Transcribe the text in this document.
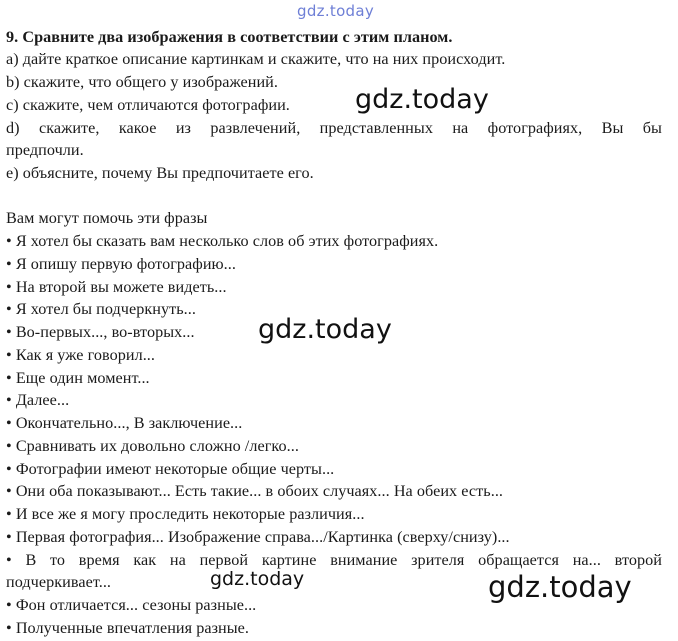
gdz.today
9. Сравните два изображения в соответствии с этим планом.
а) дайте краткое описание картинкам и скажите, что на них происходит.
b) скажите, что общего у изображений.
с) скажите, чем отличаются фотографии.
d) скажите, какое из развлечений, представленных на фотографиях, Вы бы
предпочли.
е) объясните, почему Вы предпочитаете его.
Вам могут помочь эти фразы
• Я хотел бы сказать вам несколько слов об этих фотографиях.
• Я опишу первую фотографию...
• На второй вы можете видеть...
• Я хотел бы подчеркнуть...
• Во-первых..., во-вторых...
• Как я уже говорил...
• Еще один момент...
• Далее...
• Окончательно..., В заключение...
• Сравнивать их довольно сложно /легко...
• Фотографии имеют некоторые общие черты...
• Они оба показывают... Есть такие... в обоих случаях... На обеих есть...
• И все же я могу проследить некоторые различия...
• Первая фотография... Изображение справа.../Картинка (сверху/снизу)...
• В то время как на первой картине внимание зрителя обращается на... второй
подчеркивает...
• Фон отличается... сезоны разные...
• Полученные впечатления разные.
gdz.today
gdz.today
gdz.today	gdz.today
